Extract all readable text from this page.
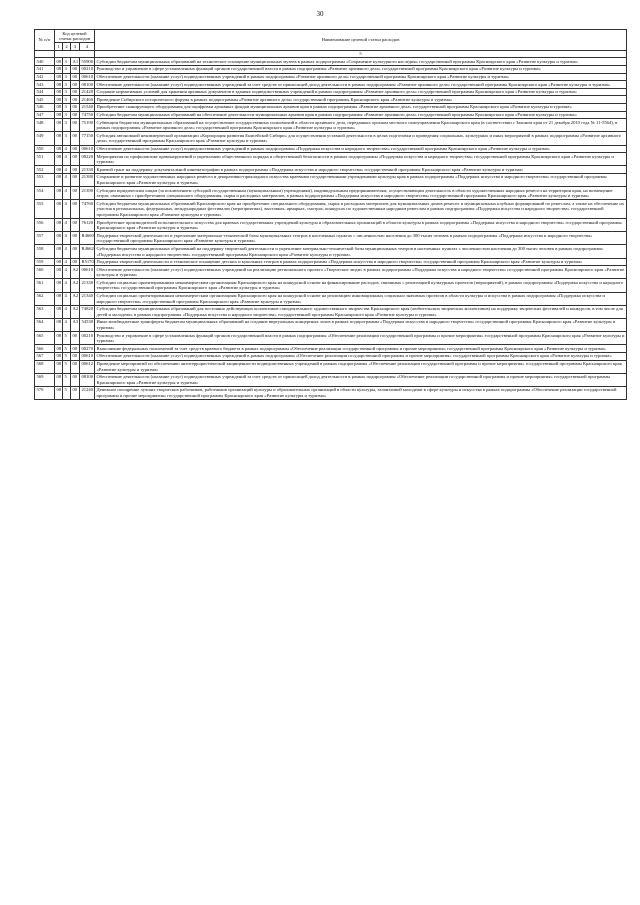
30
№ п/п	Код целевой статьи расходов				Наименование целевой статьи расходов
	1	2	3	4	
					5
540	08	3	A1	55900	Субсидии бюджетам муниципальных образований на техническое оснащение муниципальных музеев в рамках подпрограммы «Сохранение культурного наследия» государственной программы Красноярского края «Развитие культуры и туризма»
541	08	3	00	00210	Руководство и управление в сфере установленных функций органов государственной власти в рамках подпрограммы «Развитие архивного дела» государственной программы Красноярского края «Развитие культуры и туризма»
542	08	3	00	00610	Обеспечение деятельности (оказание услуг) подведомственных учреждений в рамках подпрограммы «Развитие архивного дела» государственной программы Красноярского края «Развитие культуры и туризма»
543	08	3	00	08100	Обеспечение деятельности (оказание услуг) подведомственных учреждений за счет средств от приносящей доход деятельности в рамках подпрограммы «Развитие архивного дела» государственной программы Красноярского края «Развитие культуры и туризма»
544	08	3	00	21420	Создание нормативных условий для хранения архивных документов в зданиях подведомственных учреждений в рамках подпрограммы «Развитие архивного дела» государственной программы Красноярского края «Развитие культуры и туризма»
545	08	3	00	21460	Проведение Сибирского исторического форума в рамках подпрограммы «Развитие архивного дела» государственной программы Красноярского края «Развитие культуры и туризма»
546	08	3	00	21540	Приобретение сканирующего оборудования для оцифровки архивных фондов муниципальных архивов края в рамках подпрограммы «Развитие архивного дела» государственной программы Красноярского края «Развитие культуры и туризма»
547	08	3	00	74750	Субсидии бюджетам муниципальных образований на обеспечение деятельности муниципальных архивов края в рамках подпрограммы «Развитие архивного дела» государственной программы Красноярского края «Развитие культуры и туризма»
548	08	3	00	75190	Субвенции бюджетам муниципальных образований на осуществление государственных полномочий в области архивного дела, переданных органам местного самоуправления Красноярского края (в соответствии с Законом края от 21 декабря 2010 года № 11-5564), в рамках подпрограммы «Развитие архивного дела» государственной программы Красноярского края «Развитие культуры и туризма»
549	08	3	00	77150	Субсидия автономной некоммерческой организации «Корпорация развития Енисейской Сибири» для осуществления уставной деятельности в целях подготовки и проведения социальных, культурных и иных мероприятий в рамках подпрограммы «Развитие архивного дела» государственной программы Красноярского края «Развитие культуры и туризма»
550	08	4	00	00610	Обеспечение деятельности (оказание услуг) подведомственных учреждений в рамках подпрограммы «Поддержка искусства и народного творчества» государственной программы Красноярского края «Развитие культуры и туризма»
551	08	4	00	08220	Мероприятия по профилактике правонарушений и укреплению общественного порядка и общественной безопасности в рамках подпрограммы «Поддержка искусства и народного творчества» государственной программы Красноярского края «Развитие культуры и туризма»
552	08	4	00	21330	Краевой грант на поддержку документальной кинематографии в рамках подпрограммы «Поддержка искусства и народного творчества» государственной программы Красноярского края «Развитие культуры и туризма»
553	08	4	00	21380	Сохранение и развитие художественных народных ремесел и декоративно-прикладного искусства краевыми государственными учреждениями культуры края в рамках подпрограммы «Поддержка искусства и народного творчества» государственной программы Красноярского края «Развитие культуры и туризма»
554	08	4	00	21390	Субсидии юридическим лицам (за исключением субсидий государственным (муниципальным) учреждениям), индивидуальным предпринимателям, осуществляющим деятельность в области художественных народных ремесел на территории края, на возмещение затрат, связанных с приобретением специального оборудования, сырья и расходных материалов, в рамках подпрограммы «Поддержка искусства и народного творчества» государственной программы Красноярского края «Развитие культуры и туризма»
555	08	4	00	74760	Субсидии бюджетам муниципальных образований Красноярского края на приобретение специального оборудования, сырья и расходных материалов для муниципальных домов ремесел и муниципальных клубных формирований по ремеслам, а также на обеспечение их участия в региональных, федеральных, международных фестивалях (мероприятиях), выставках, ярмарках, смотрах, конкурсах по художественным народным ремеслам в рамках подпрограммы «Поддержка искусства и народного творчества» государственной программы Красноярского края «Развитие культуры и туризма»
556	08	4	00	76120	Приобретение производителей исполнительского искусства для краевых государственных учреждений культуры и образовательных организаций в области культуры в рамках подпрограммы «Поддержка искусства и народного творчества» государственной программы Красноярского края «Развитие культуры и туризма»
557	08	4	00	R4660	Поддержка творческой деятельности и укрепление материально-технической базы муниципальных театров в населенных пунктах с численностью населения до 300 тысяч человек в рамках подпрограммы «Поддержка искусства и народного творчества» государственной программы Красноярского края «Развитие культуры и туризма»
558	08	4	00	R4662	Субсидии бюджетам муниципальных образований на поддержку творческой деятельности и укрепление материально-технической базы муниципальных театров в населенных пунктах с численностью населения до 300 тысяч человек в рамках подпрограммы «Поддержка искусства и народного творчества» государственной программы Красноярского края «Развитие культуры и туризма»
559	08	4	00	R5170	Поддержка творческой деятельности и техническое оснащение детских и кукольных театров в рамках подпрограммы «Поддержка искусства и народного творчества» государственной программы Красноярского края «Развитие культуры и туризма»
560	08	4	A2	00610	Обеспечение деятельности (оказание услуг) подведомственных учреждений на реализацию регионального проекта «Творческие люди» в рамках подпрограммы «Поддержка искусства и народного творчества» государственной программы Красноярского края «Развитие культуры и туризма»
561	08	4	A2	21330	Субсидии социально ориентированным некоммерческим организациям Красноярского края на конкурсной основе на финансирование расходов, связанных с реализацией культурных проектов (мероприятий), в рамках подпрограммы «Поддержка искусства и народного творчества» государственной программы Красноярского края «Развитие культуры и туризма»
562	08	4	A2	21340	Субсидии социально ориентированным некоммерческим организациям Красноярского края на конкурсной основе на реализацию инновационных социально значимых проектов в области культуры и искусства в рамках подпрограммы «Поддержка искусства и народного творчества» государственной программы Красноярского края «Развитие культуры и туризма»
563	08	4	A2	74820	Субсидии бюджетам муниципальных образований для постоянно действующих коллективов самодеятельного художественного творчества Красноярского края (любительских творческих коллективов) на поддержку творческих фестивалей и конкурсов, в том числе для детей и молодежи, в рамках подпрограммы «Поддержка искусства и народного творчества» государственной программы Красноярского края «Развитие культуры и туризма»
564	08	4	A3	54530	Иные межбюджетные трансферты бюджетам муниципальных образований на создание виртуальных концертных залов в рамках подпрограммы «Поддержка искусства и народного творчества» государственной программы Красноярского края «Развитие культуры и туризма»
565	08	5	00	00210	Руководство и управление в сфере установленных функций органов государственной власти в рамках подпрограммы «Обеспечение реализации государственной программы и прочие мероприятия» государственной программы Красноярского края «Развитие культуры и туризма»
566	08	5	00	00270	Выполнение федеральных полномочий за счет средств краевого бюджета в рамках подпрограммы «Обеспечение реализации государственной программы и прочие мероприятия» государственной программы Красноярского края «Развитие культуры и туризма»
567	08	5	00	00610	Обеспечение деятельности (оказание услуг) подведомственных учреждений в рамках подпрограммы «Обеспечение реализации государственной программы и прочие мероприятия» государственной программы Красноярского края «Развитие культуры и туризма»
568	08	5	00	00612	Проведение мероприятий по обеспечению антитеррористической защищенности подведомственных учреждений в рамках подпрограммы «Обеспечение реализации государственной программы и прочие мероприятия» государственной программы Красноярского края «Развитие культуры и туризма»
569	08	5	00	08100	Обеспечение деятельности (оказание услуг) подведомственных учреждений за счет средств от приносящей доход деятельности в рамках подпрограммы «Обеспечение реализации государственной программы и прочие мероприятия» государственной программы Красноярского края «Развитие культуры и туризма»
570	08	5	00	21240	Денежное поощрение лучших творческих работников, работников организаций культуры и образовательных организаций в области культуры, талантливой молодежи в сфере культуры и искусства в рамках подпрограммы «Обеспечение реализации государственной программы и прочие мероприятия» государственной программы Красноярского края «Развитие культуры и туризма»
